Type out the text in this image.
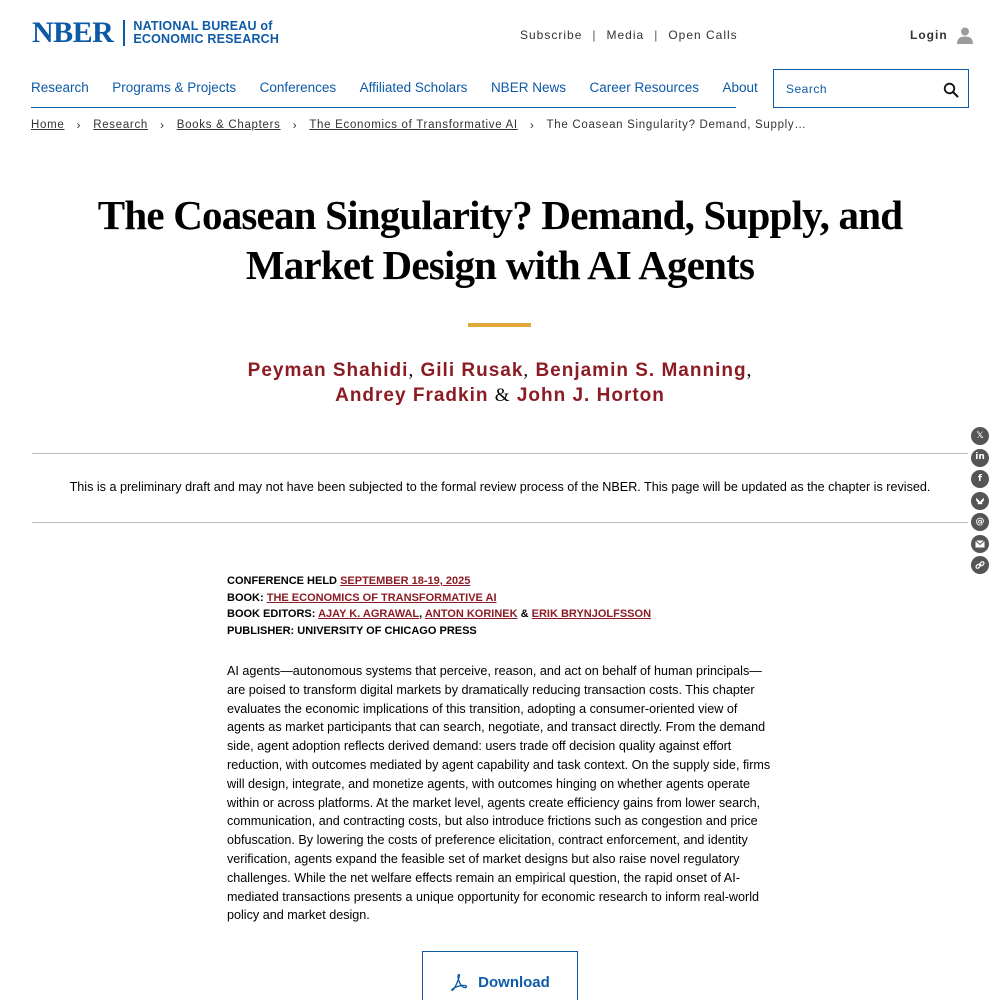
NBER NATIONAL BUREAU of
ECONOMIC RESEARCH	Subscribe | Media | Open Calls	Login
Research Programs & Projects Conferences Affiliated Scholars NBER News Career Resources About
Search
Home › Research › Books & Chapters › The Economics of Transformative AI › The Coasean Singularity? Demand, Supply…
The Coasean Singularity? Demand, Supply, and
Market Design with AI Agents
Peyman Shahidi, Gili Rusak, Benjamin S. Manning,
Andrey Fradkin & John J. Horton

This is a preliminary draft and may not have been subjected to the formal review process of the NBER. This page will be updated as the chapter is revised.

𝕏
in
f
@
CONFERENCE HELD SEPTEMBER 18-19, 2025
BOOK: THE ECONOMICS OF TRANSFORMATIVE AI
BOOK EDITORS: AJAY K. AGRAWAL, ANTON KORINEK & ERIK BRYNJOLFSSON
PUBLISHER: UNIVERSITY OF CHICAGO PRESS

AI agents—autonomous systems that perceive, reason, and act on behalf of human principals—are poised to transform digital markets by dramatically reducing transaction costs. This chapter evaluates the economic implications of this transition, adopting a consumer-oriented view of agents as market participants that can search, negotiate, and transact directly. From the demand side, agent adoption reflects derived demand: users trade off decision quality against effort reduction, with outcomes mediated by agent capability and task context. On the supply side, firms will design, integrate, and monetize agents, with outcomes hinging on whether agents operate within or across platforms. At the market level, agents create efficiency gains from lower search, communication, and contracting costs, but also introduce frictions such as congestion and price obfuscation. By lowering the costs of preference elicitation, contract enforcement, and identity verification, agents expand the feasible set of market designs but also raise novel regulatory challenges. While the net welfare effects remain an empirical question, the rapid onset of AI-mediated transactions presents a unique opportunity for economic research to inform real-world policy and market design.

Download
